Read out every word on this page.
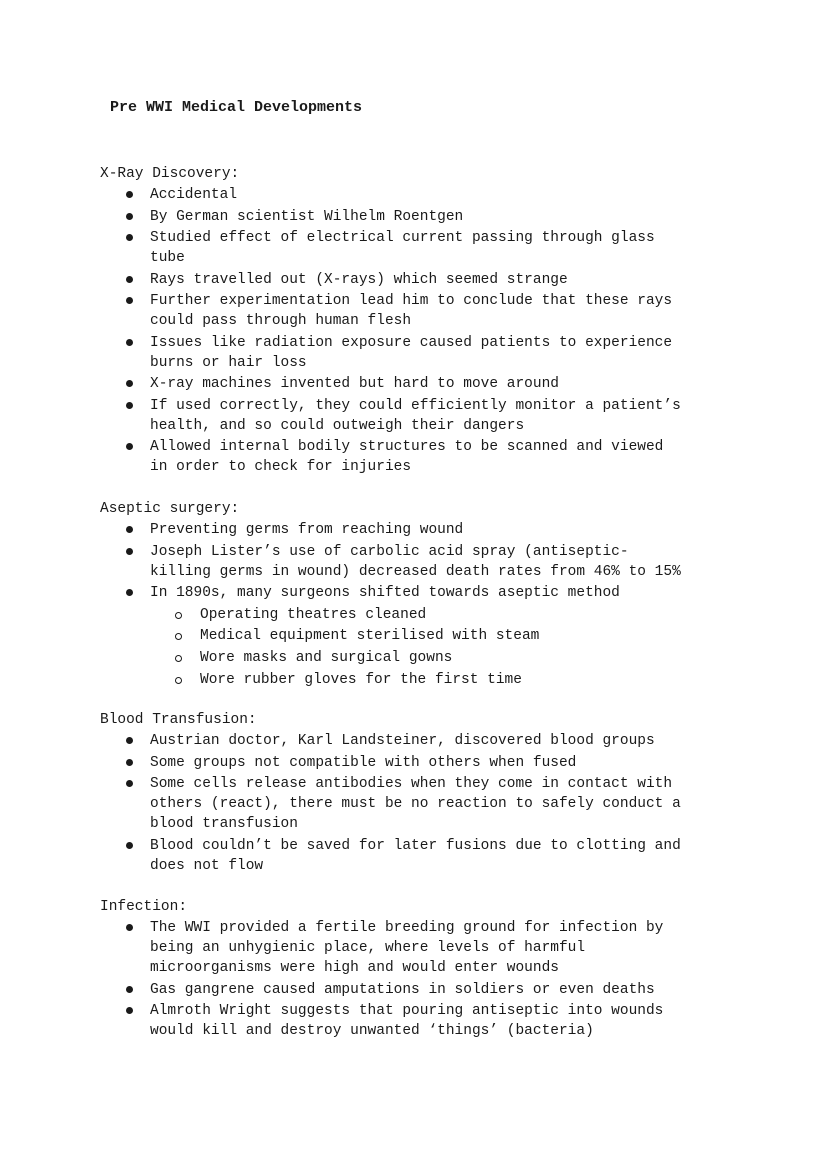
Pre WWI Medical Developments
X-Ray Discovery:
Accidental
By German scientist Wilhelm Roentgen
Studied effect of electrical current passing through glass
tube
Rays travelled out (X-rays) which seemed strange
Further experimentation lead him to conclude that these rays
could pass through human flesh
Issues like radiation exposure caused patients to experience
burns or hair loss
X-ray machines invented but hard to move around
If used correctly, they could efficiently monitor a patient’s
health, and so could outweigh their dangers
Allowed internal bodily structures to be scanned and viewed
in order to check for injuries
Aseptic surgery:
Preventing germs from reaching wound
Joseph Lister’s use of carbolic acid spray (antiseptic-
killing germs in wound) decreased death rates from 46% to 15%
In 1890s, many surgeons shifted towards aseptic method
Operating theatres cleaned
Medical equipment sterilised with steam
Wore masks and surgical gowns
Wore rubber gloves for the first time
Blood Transfusion:
Austrian doctor, Karl Landsteiner, discovered blood groups
Some groups not compatible with others when fused
Some cells release antibodies when they come in contact with
others (react), there must be no reaction to safely conduct a
blood transfusion
Blood couldn’t be saved for later fusions due to clotting and
does not flow
Infection:
The WWI provided a fertile breeding ground for infection by
being an unhygienic place, where levels of harmful
microorganisms were high and would enter wounds
Gas gangrene caused amputations in soldiers or even deaths
Almroth Wright suggests that pouring antiseptic into wounds
would kill and destroy unwanted ‘things’ (bacteria)
